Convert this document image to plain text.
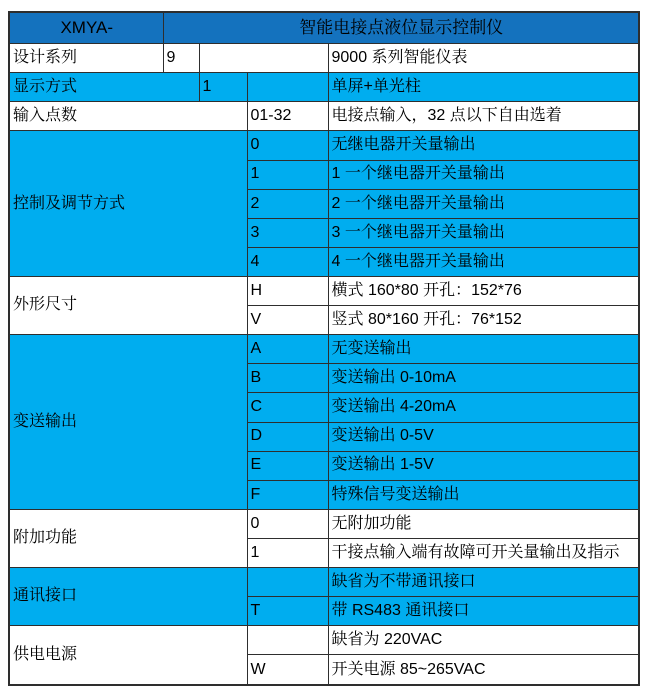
XMYA-	智能电接点液位显示控制仪			
设计系列	9			9000 系列智能仪表
显示方式		1		单屏+单光柱
输入点数			01-32	电接点输入，32 点以下自由选着
控制及调节方式			0	无继电器开关量输出
			1	1 一个继电器开关量输出
			2	2 一个继电器开关量输出
			3	3 一个继电器开关量输出
			4	4 一个继电器开关量输出
外形尺寸			H	横式 160*80 开孔：152*76
			V	竖式 80*160 开孔：76*152
变送输出			A	无变送输出
			B	变送输出 0-10mA
			C	变送输出 4-20mA
			D	变送输出 0-5V
			E	变送输出 1-5V
			F	特殊信号变送输出
附加功能			0	无附加功能
			1	干接点输入端有故障可开关量输出及指示
通讯接口				缺省为不带通讯接口
			T	带 RS483 通讯接口
供电电源				缺省为 220VAC
			W	开关电源 85~265VAC
